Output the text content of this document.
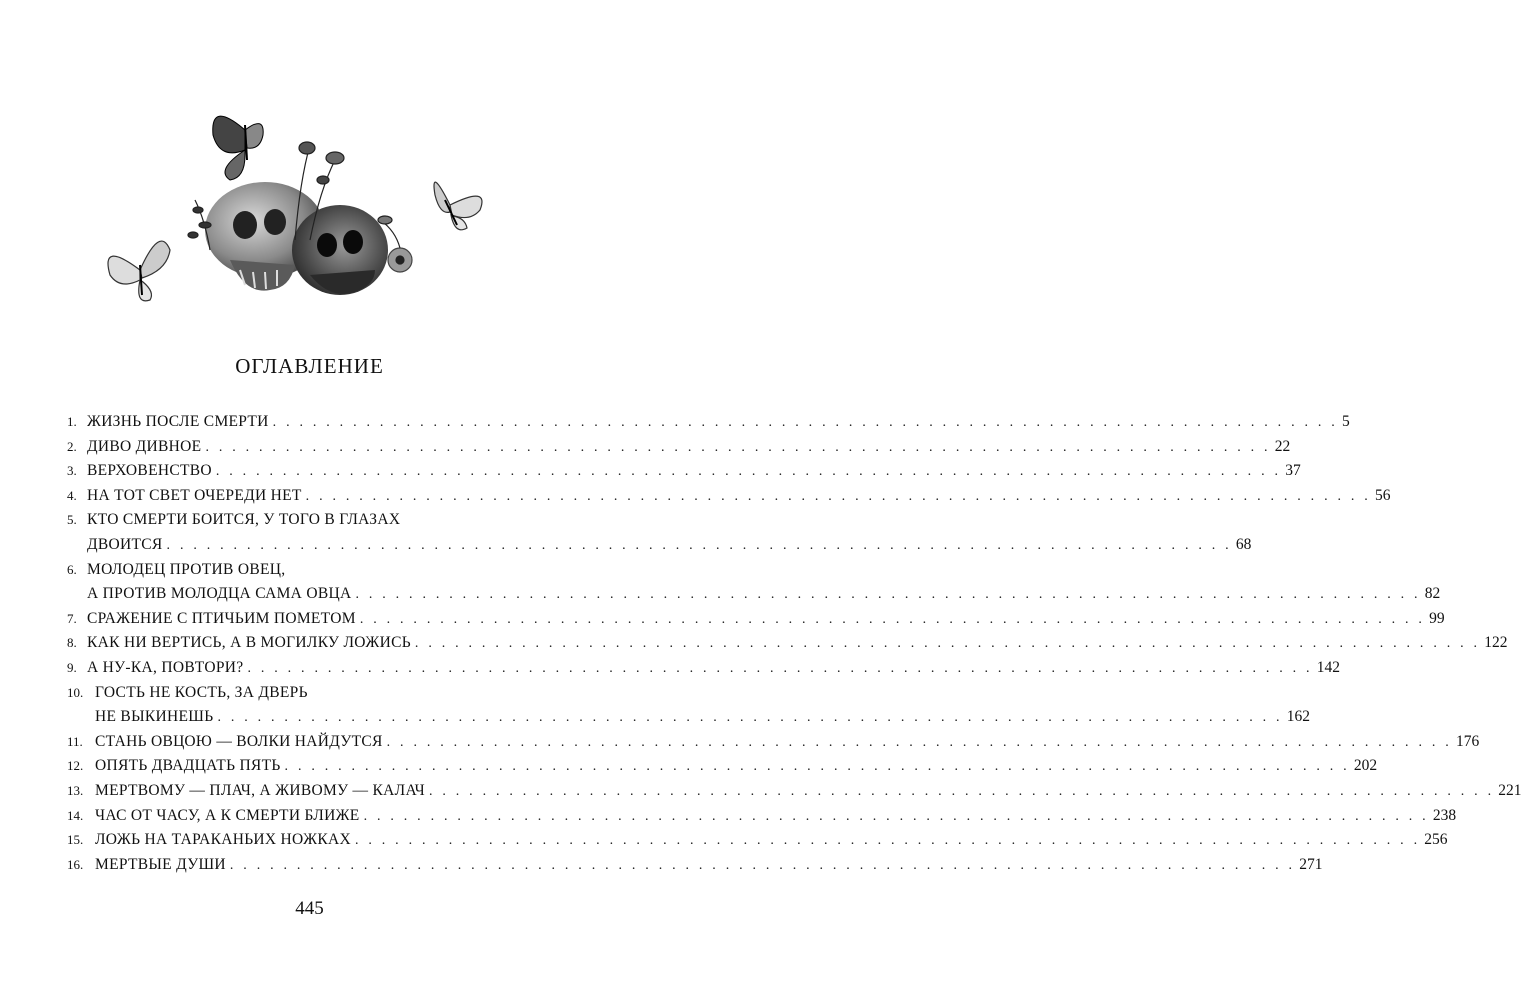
ОГЛАВЛЕНИЕ
1. ЖИЗНЬ ПОСЛЕ СМЕРТИ . . . . . . . . . . . . . . . . . . . . . . . . . . . . . . . . . . . . . . . . . . . . . . . . . . . . . . . . . . . . . . . . . . . . . . . . . . . . . . . . 5
2. ДИВО ДИВНОЕ . . . . . . . . . . . . . . . . . . . . . . . . . . . . . . . . . . . . . . . . . . . . . . . . . . . . . . . . . . . . . . . . . . . . . . . . . . . . . . . . 22
3. ВЕРХОВЕНСТВО . . . . . . . . . . . . . . . . . . . . . . . . . . . . . . . . . . . . . . . . . . . . . . . . . . . . . . . . . . . . . . . . . . . . . . . . . . . . . . . . 37
4. НА ТОТ СВЕТ ОЧЕРЕДИ НЕТ . . . . . . . . . . . . . . . . . . . . . . . . . . . . . . . . . . . . . . . . . . . . . . . . . . . . . . . . . . . . . . . . . . . . . . . . . . . . . . . . 56
5. КТО СМЕРТИ БОИТСЯ, У ТОГО В ГЛАЗАХ
ДВОИТСЯ . . . . . . . . . . . . . . . . . . . . . . . . . . . . . . . . . . . . . . . . . . . . . . . . . . . . . . . . . . . . . . . . . . . . . . . . . . . . . . . . 68
6. МОЛОДЕЦ ПРОТИВ ОВЕЦ,
А ПРОТИВ МОЛОДЦА САМА ОВЦА . . . . . . . . . . . . . . . . . . . . . . . . . . . . . . . . . . . . . . . . . . . . . . . . . . . . . . . . . . . . . . . . . . . . . . . . . . . . . . . . 82
7. СРАЖЕНИЕ С ПТИЧЬИМ ПОМЕТОМ . . . . . . . . . . . . . . . . . . . . . . . . . . . . . . . . . . . . . . . . . . . . . . . . . . . . . . . . . . . . . . . . . . . . . . . . . . . . . . . . 99
8. КАК НИ ВЕРТИСЬ, А В МОГИЛКУ ЛОЖИСЬ . . . . . . . . . . . . . . . . . . . . . . . . . . . . . . . . . . . . . . . . . . . . . . . . . . . . . . . . . . . . . . . . . . . . . . . . . . . . . . . . 122
9. А НУ-КА, ПОВТОРИ? . . . . . . . . . . . . . . . . . . . . . . . . . . . . . . . . . . . . . . . . . . . . . . . . . . . . . . . . . . . . . . . . . . . . . . . . . . . . . . . . 142
10. ГОСТЬ НЕ КОСТЬ, ЗА ДВЕРЬ
НЕ ВЫКИНЕШЬ . . . . . . . . . . . . . . . . . . . . . . . . . . . . . . . . . . . . . . . . . . . . . . . . . . . . . . . . . . . . . . . . . . . . . . . . . . . . . . . . 162
11. СТАНЬ ОВЦОЮ — ВОЛКИ НАЙДУТСЯ . . . . . . . . . . . . . . . . . . . . . . . . . . . . . . . . . . . . . . . . . . . . . . . . . . . . . . . . . . . . . . . . . . . . . . . . . . . . . . . . 176
12. ОПЯТЬ ДВАДЦАТЬ ПЯТЬ . . . . . . . . . . . . . . . . . . . . . . . . . . . . . . . . . . . . . . . . . . . . . . . . . . . . . . . . . . . . . . . . . . . . . . . . . . . . . . . . 202
13. МЕРТВОМУ — ПЛАЧ, А ЖИВОМУ — КАЛАЧ . . . . . . . . . . . . . . . . . . . . . . . . . . . . . . . . . . . . . . . . . . . . . . . . . . . . . . . . . . . . . . . . . . . . . . . . . . . . . . . . 221
14. ЧАС ОТ ЧАСУ, А К СМЕРТИ БЛИЖЕ . . . . . . . . . . . . . . . . . . . . . . . . . . . . . . . . . . . . . . . . . . . . . . . . . . . . . . . . . . . . . . . . . . . . . . . . . . . . . . . . 238
15. ЛОЖЬ НА ТАРАКАНЬИХ НОЖКАХ . . . . . . . . . . . . . . . . . . . . . . . . . . . . . . . . . . . . . . . . . . . . . . . . . . . . . . . . . . . . . . . . . . . . . . . . . . . . . . . . 256
16. МЕРТВЫЕ ДУШИ . . . . . . . . . . . . . . . . . . . . . . . . . . . . . . . . . . . . . . . . . . . . . . . . . . . . . . . . . . . . . . . . . . . . . . . . . . . . . . . . 271
445
